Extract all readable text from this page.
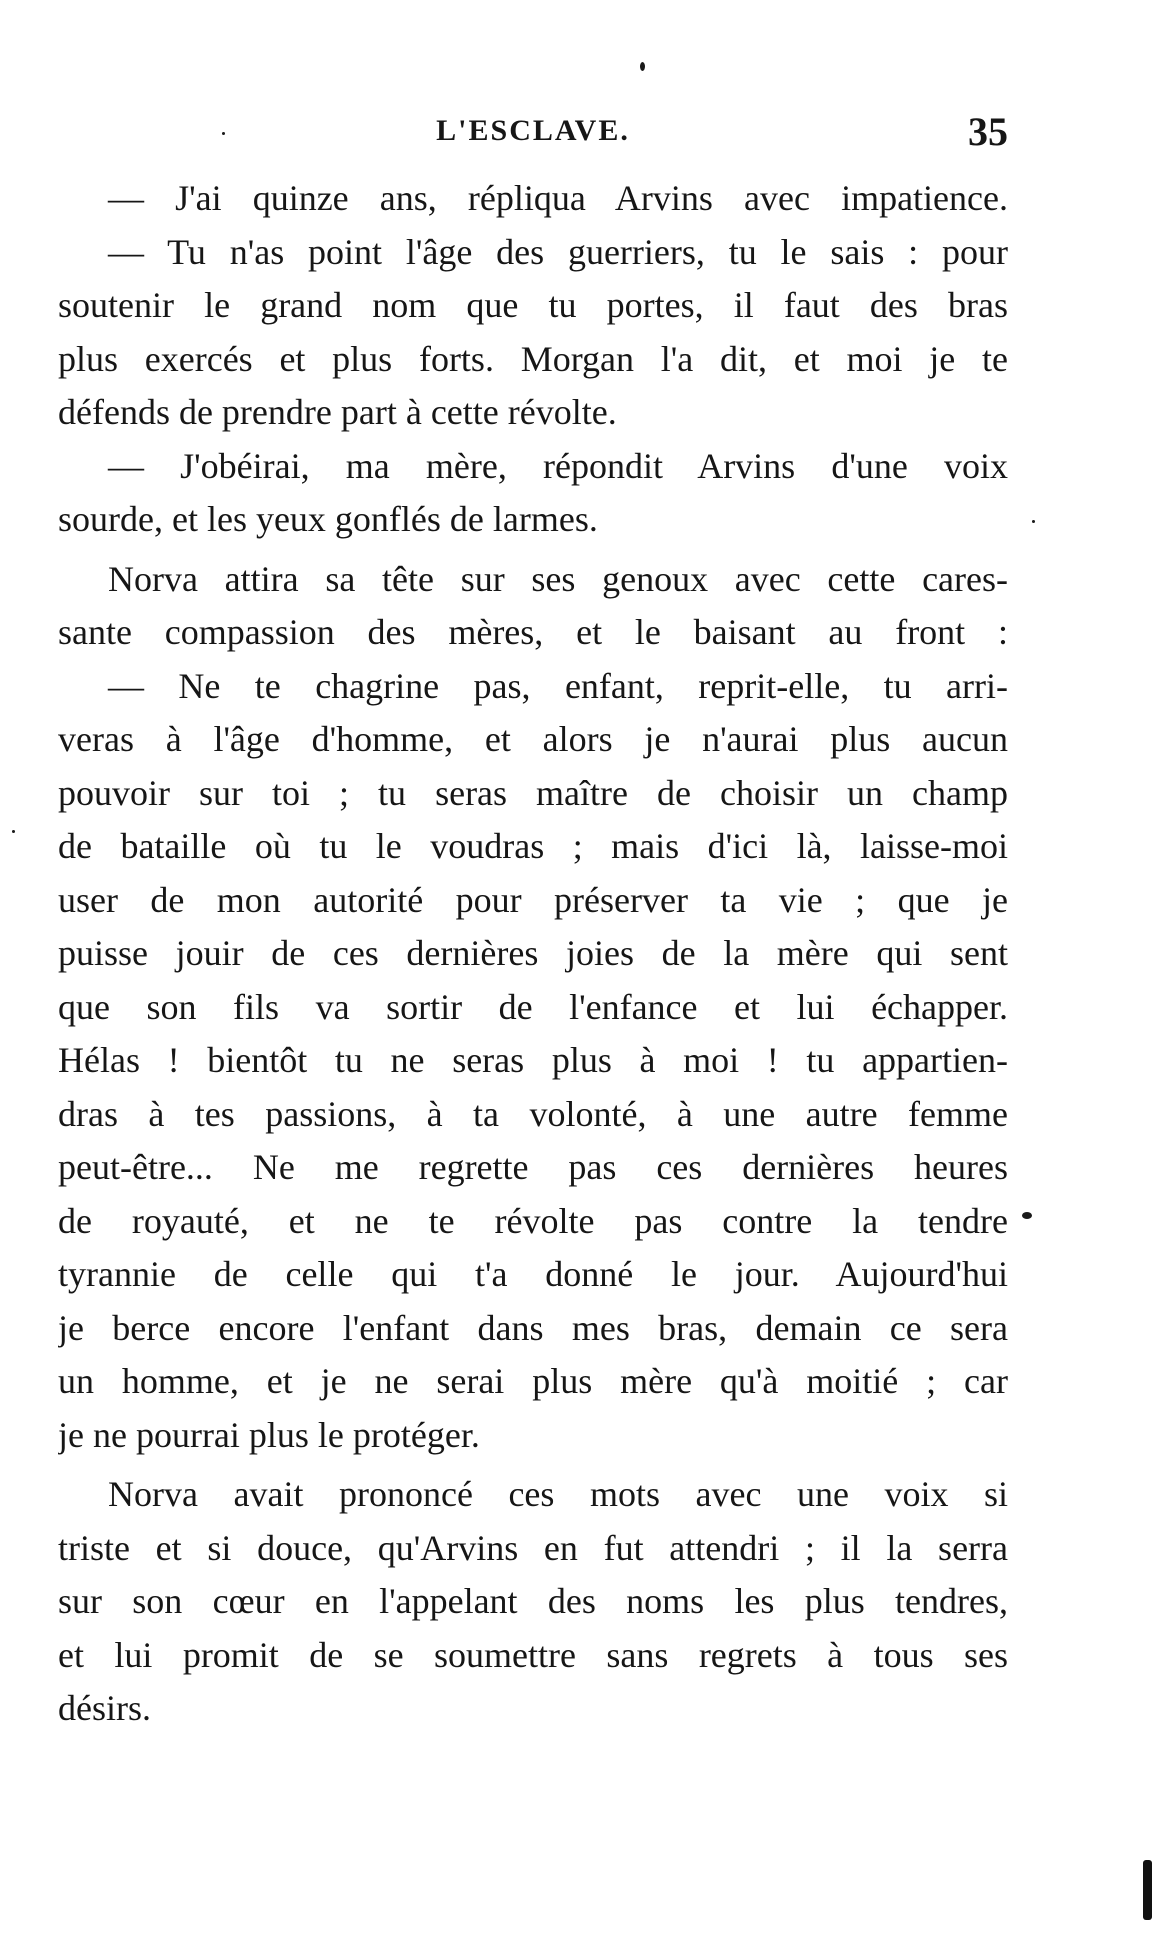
L'ESCLAVE.	35
— J'ai quinze ans, répliqua Arvins avec impatience.
— Tu n'as point l'âge des guerriers, tu le sais : pour
soutenir le grand nom que tu portes, il faut des bras
plus exercés et plus forts. Morgan l'a dit, et moi je te
défends de prendre part à cette révolte.
— J'obéirai, ma mère, répondit Arvins d'une voix
sourde, et les yeux gonflés de larmes.
Norva attira sa tête sur ses genoux avec cette cares-
sante compassion des mères, et le baisant au front :
— Ne te chagrine pas, enfant, reprit-elle, tu arri-
veras à l'âge d'homme, et alors je n'aurai plus aucun
pouvoir sur toi ; tu seras maître de choisir un champ
de bataille où tu le voudras ; mais d'ici là, laisse-moi
user de mon autorité pour préserver ta vie ; que je
puisse jouir de ces dernières joies de la mère qui sent
que son fils va sortir de l'enfance et lui échapper.
Hélas ! bientôt tu ne seras plus à moi ! tu appartien-
dras à tes passions, à ta volonté, à une autre femme
peut-être... Ne me regrette pas ces dernières heures
de royauté, et ne te révolte pas contre la tendre
tyrannie de celle qui t'a donné le jour. Aujourd'hui
je berce encore l'enfant dans mes bras, demain ce sera
un homme, et je ne serai plus mère qu'à moitié ; car
je ne pourrai plus le protéger.
Norva avait prononcé ces mots avec une voix si
triste et si douce, qu'Arvins en fut attendri ; il la serra
sur son cœur en l'appelant des noms les plus tendres,
et lui promit de se soumettre sans regrets à tous ses
désirs.
